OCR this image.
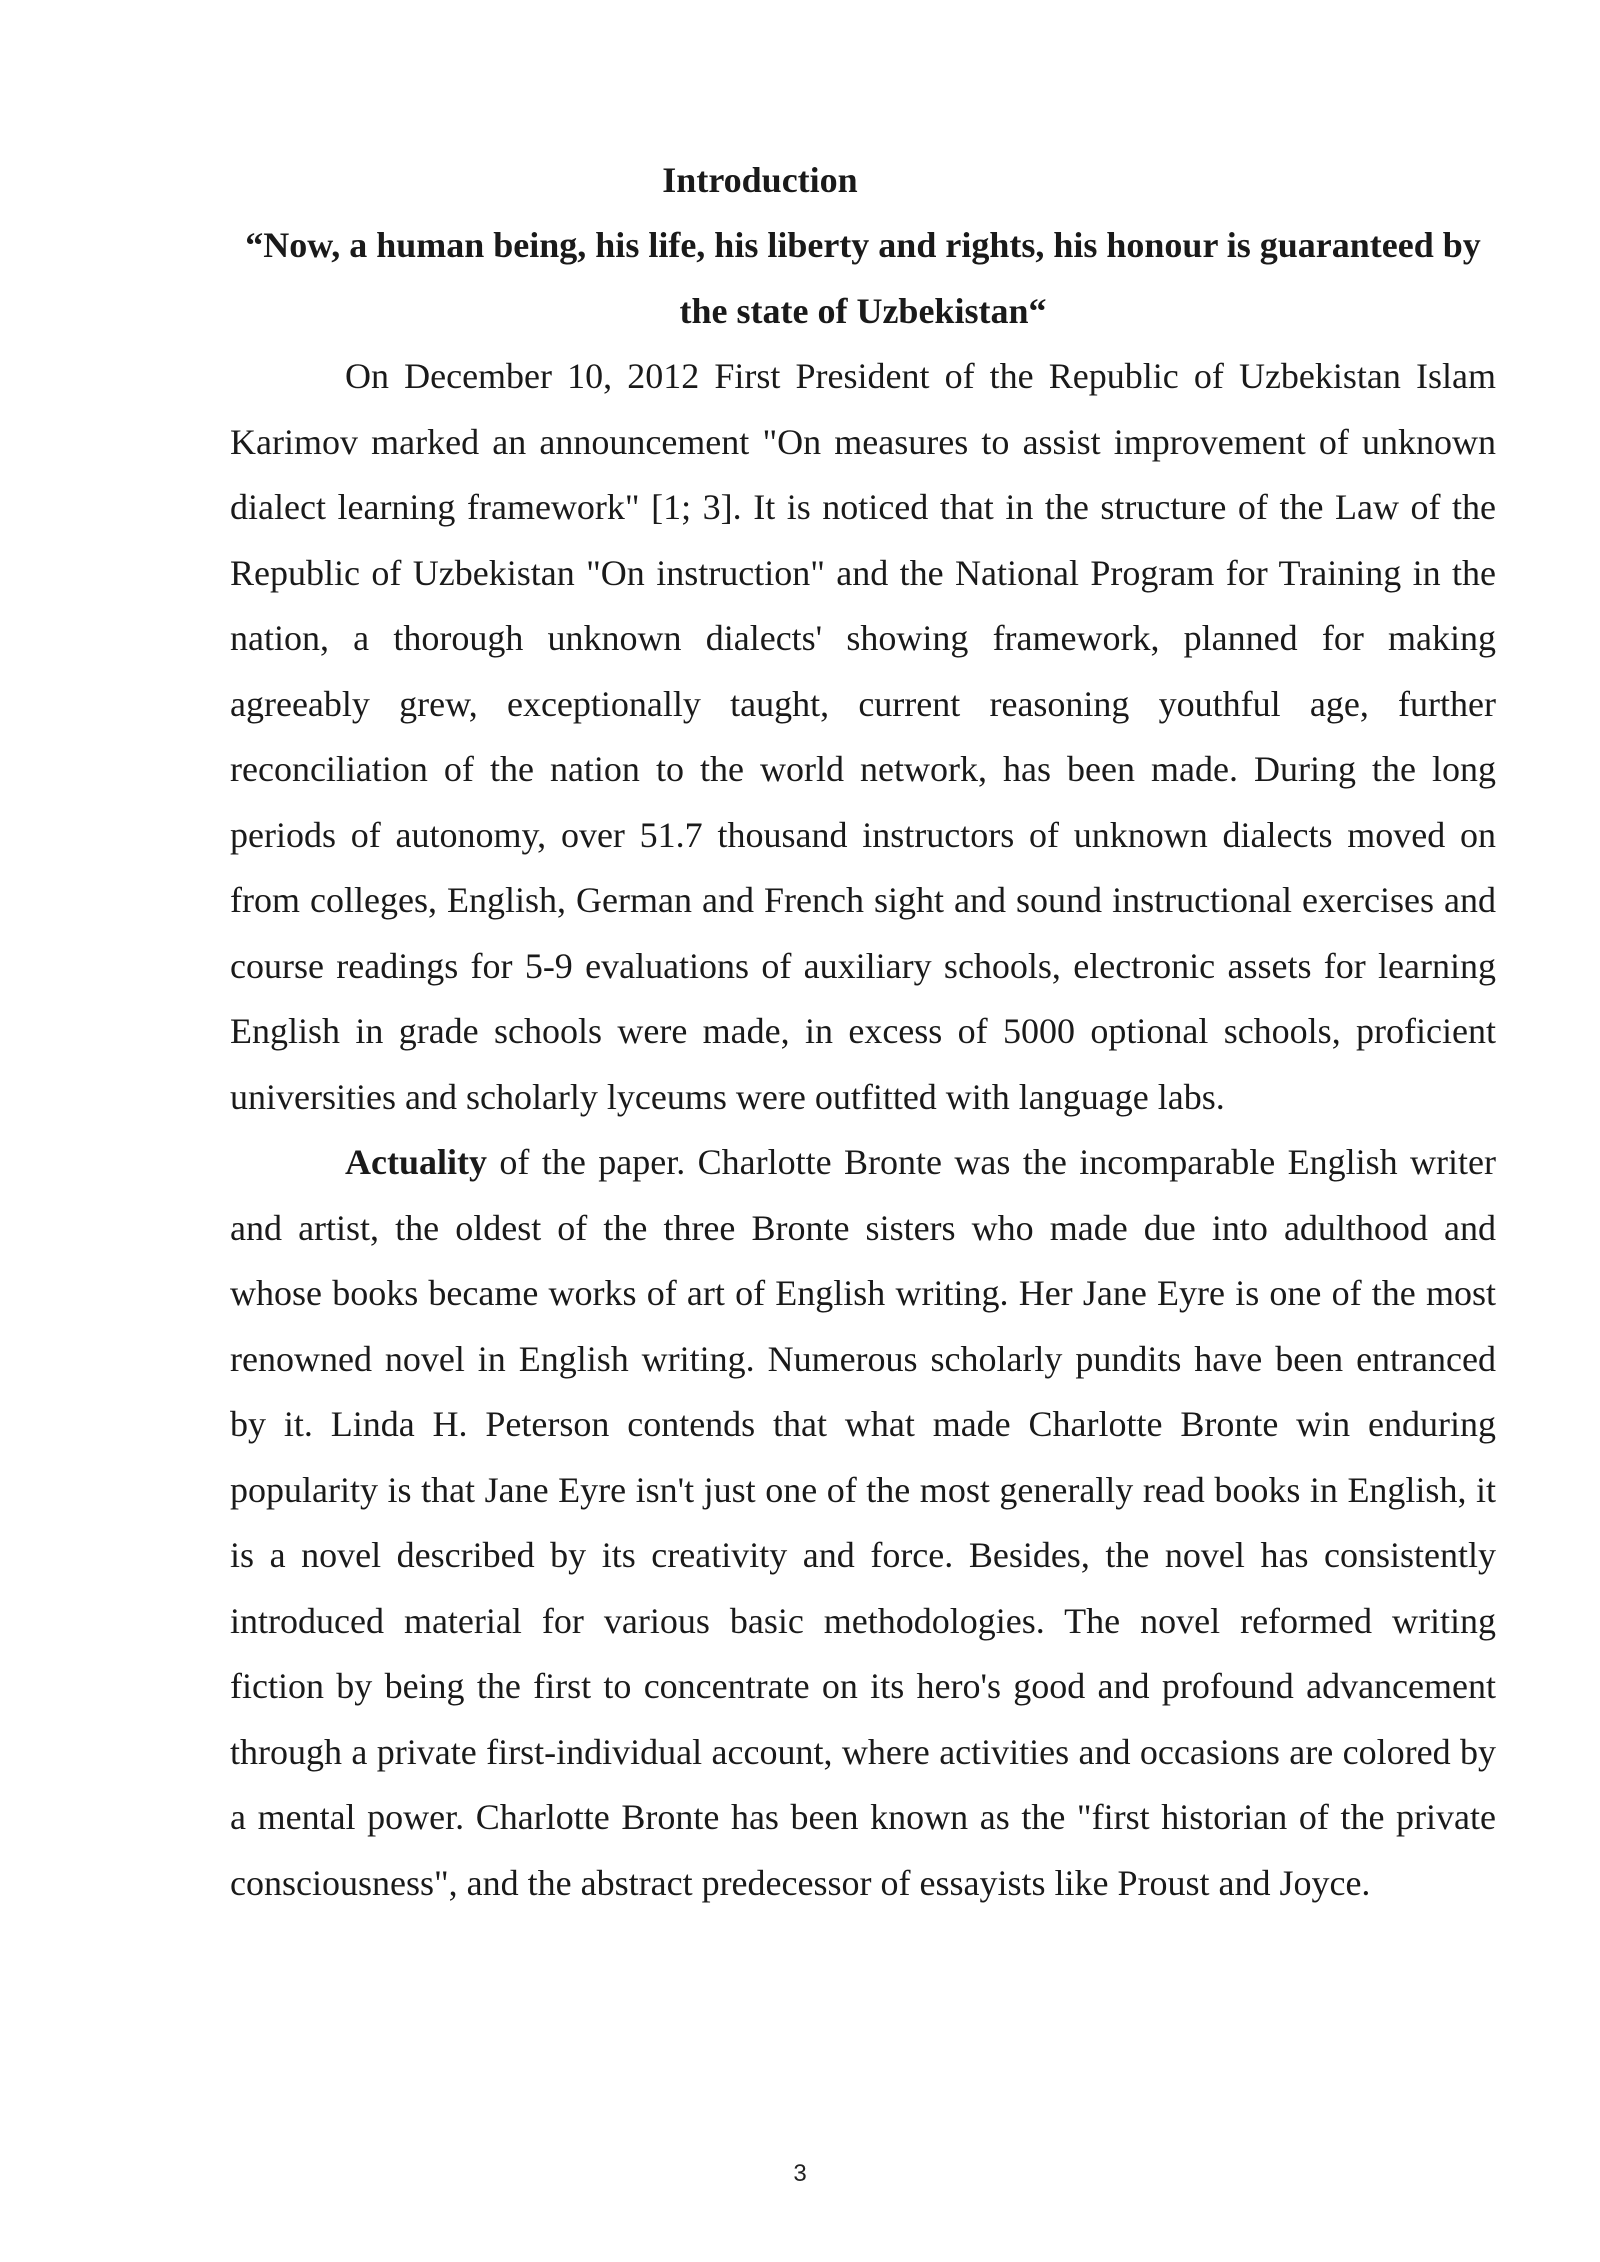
Introduction

“Now, a human being, his life, his liberty and rights, his honour is guaranteed by the state of Uzbekistan“

On December 10, 2012 First President of the Republic of Uzbekistan Islam Karimov marked an announcement "On measures to assist improvement of unknown dialect learning framework" [1; 3]. It is noticed that in the structure of the Law of the Republic of Uzbekistan "On instruction" and the National Program for Training in the nation, a thorough unknown dialects' showing framework, planned for making agreeably grew, exceptionally taught, current reasoning youthful age, further reconciliation of the nation to the world network, has been made. During the long periods of autonomy, over 51.7 thousand instructors of unknown dialects moved on from colleges, English, German and French sight and sound instructional exercises and course readings for 5-9 evaluations of auxiliary schools, electronic assets for learning English in grade schools were made, in excess of 5000 optional schools, proficient universities and scholarly lyceums were outfitted with language labs.

Actuality of the paper. Charlotte Bronte was the incomparable English writer and artist, the oldest of the three Bronte sisters who made due into adulthood and whose books became works of art of English writing. Her Jane Eyre is one of the most renowned novel in English writing. Numerous scholarly pundits have been entranced by it. Linda H. Peterson contends that what made Charlotte Bronte win enduring popularity is that Jane Eyre isn't just one of the most generally read books in English, it is a novel described by its creativity and force. Besides, the novel has consistently introduced material for various basic methodologies. The novel reformed writing fiction by being the first to concentrate on its hero's good and profound advancement through a private first-individual account, where activities and occasions are colored by a mental power. Charlotte Bronte has been known as the "first historian of the private consciousness", and the abstract predecessor of essayists like Proust and Joyce.

3
